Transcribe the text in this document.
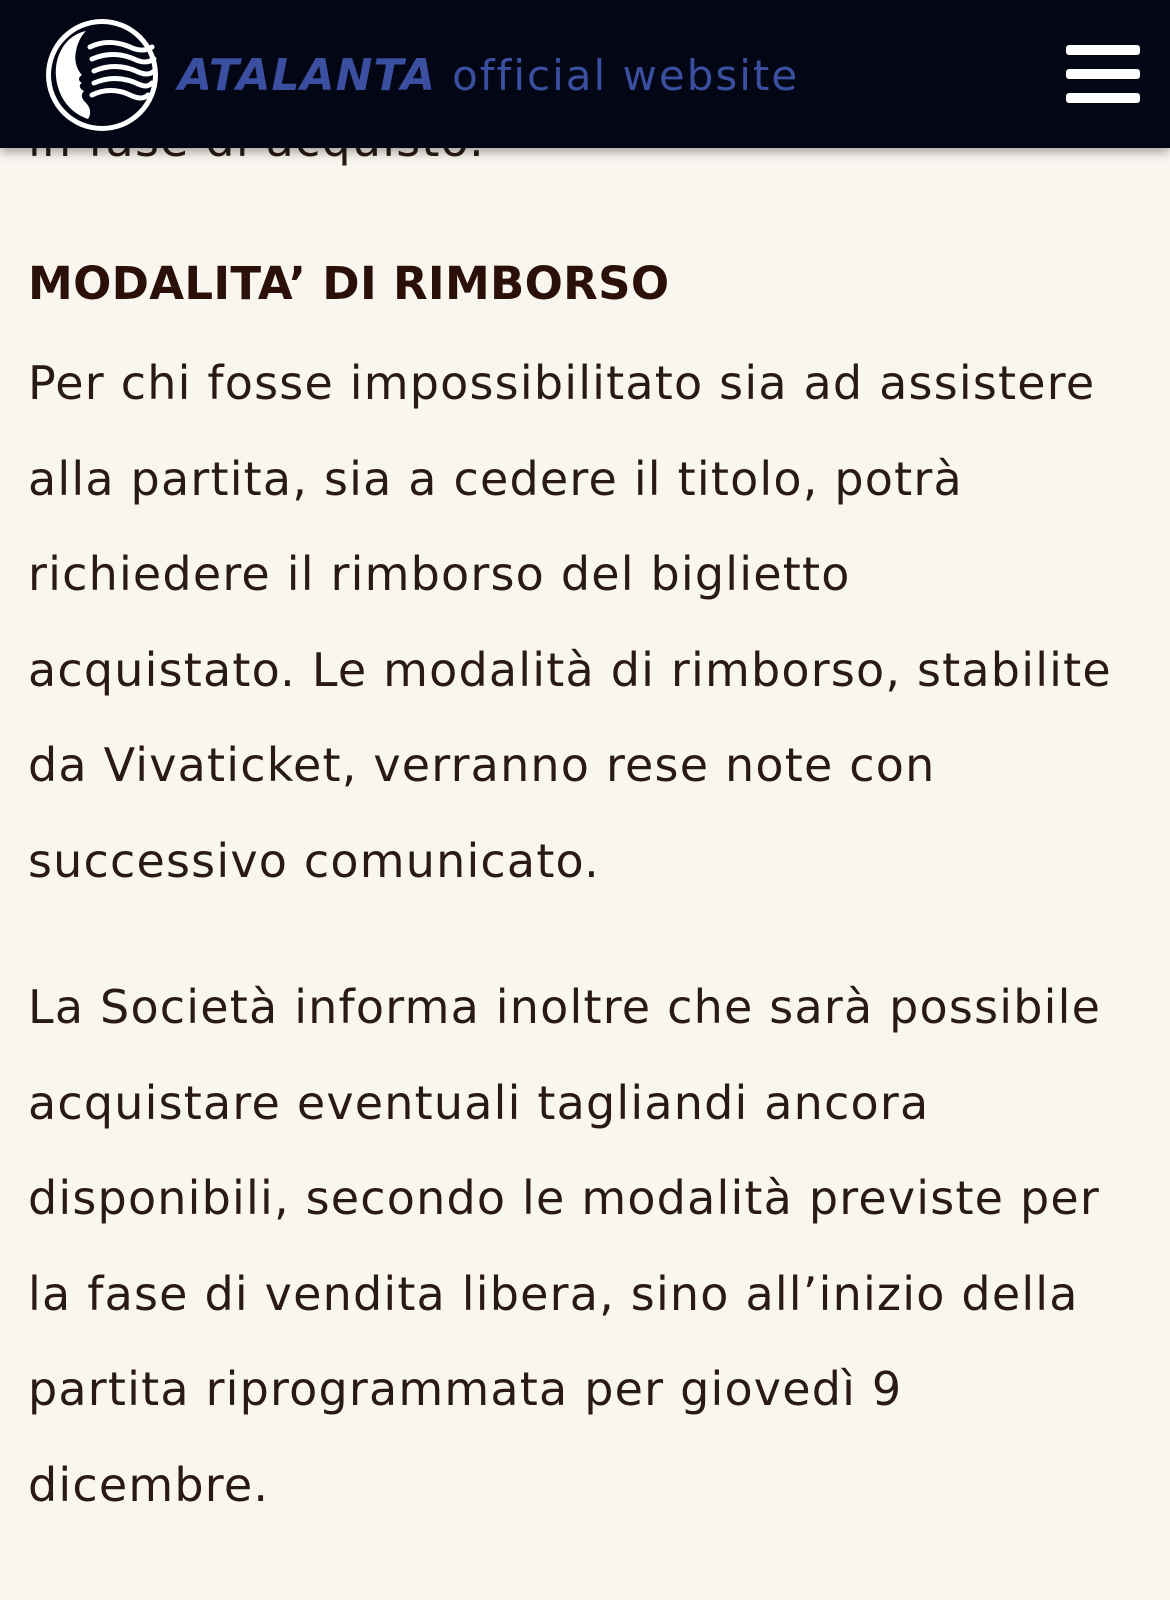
MODALITA’ DI RIMBORSO

Per chi fosse impossibilitato sia ad assistere
alla partita, sia a cedere il titolo, potrà
richiedere il rimborso del biglietto
acquistato. Le modalità di rimborso, stabilite
da Vivaticket, verranno rese note con
successivo comunicato.

La Società informa inoltre che sarà possibile
acquistare eventuali tagliandi ancora
disponibili, secondo le modalità previste per
la fase di vendita libera, sino all’inizio della
partita riprogrammata per giovedì 9
dicembre.

ATALANTA official website
